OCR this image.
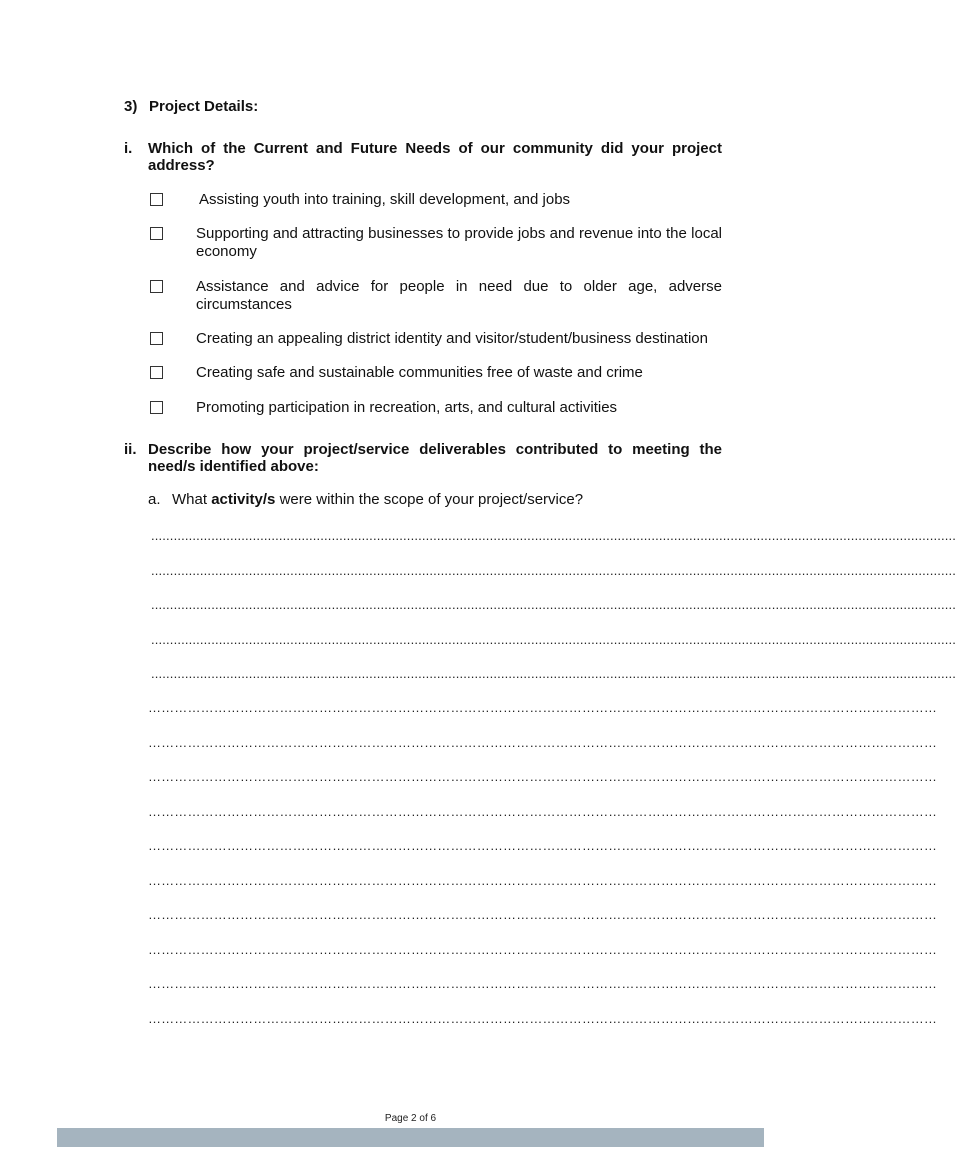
3) Project Details:
i. Which of the Current and Future Needs of our community did your project address?
Assisting youth into training, skill development, and jobs
Supporting and attracting businesses to provide jobs and revenue into the local economy
Assistance and advice for people in need due to older age, adverse circumstances
Creating an appealing district identity and visitor/student/business destination
Creating safe and sustainable communities free of waste and crime
Promoting participation in recreation, arts, and cultural activities
ii. Describe how your project/service deliverables contributed to meeting the need/s identified above:
a. What activity/s were within the scope of your project/service?
......................................................................................................................................................................................................................
......................................................................................................................................................................................................................
......................................................................................................................................................................................................................
......................................................................................................................................................................................................................
......................................................................................................................................................................................................................
………………………………………………………………………………………………………………………………………………………………
………………………………………………………………………………………………………………………………………………………………
………………………………………………………………………………………………………………………………………………………………
………………………………………………………………………………………………………………………………………………………………
………………………………………………………………………………………………………………………………………………………………
………………………………………………………………………………………………………………………………………………………………
………………………………………………………………………………………………………………………………………………………………
………………………………………………………………………………………………………………………………………………………………
………………………………………………………………………………………………………………………………………………………………
………………………………………………………………………………………………………………………………………………………………
Page 2 of 6
